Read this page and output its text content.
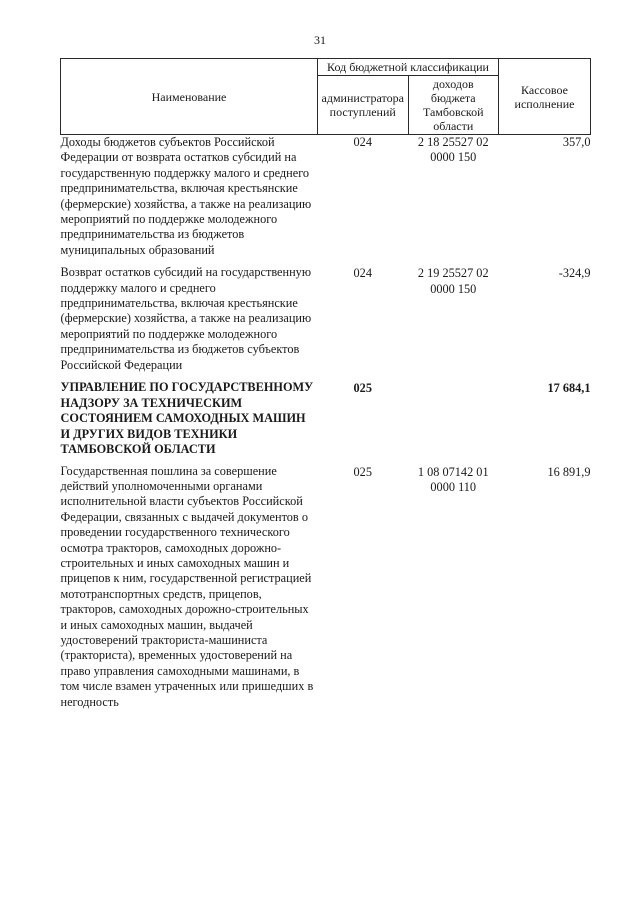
31
Наименование	Код бюджетной классификации		Кассовое исполнение
	администратора поступлений	доходов бюджета Тамбовской области	
Доходы бюджетов субъектов Российской Федерации от возврата остатков субсидий на государственную поддержку малого и среднего предпринимательства, включая крестьянские (фермерские) хозяйства, а также на реализацию мероприятий по поддержке молодежного предпринимательства из бюджетов муниципальных образований	024	2 18 25527 02 0000 150	357,0
Возврат остатков субсидий на государственную поддержку малого и среднего предпринимательства, включая крестьянские (фермерские) хозяйства, а также на реализацию мероприятий по поддержке молодежного предпринимательства из бюджетов субъектов Российской Федерации	024	2 19 25527 02 0000 150	-324,9
УПРАВЛЕНИЕ ПО ГОСУДАРСТВЕННОМУ НАДЗОРУ ЗА ТЕХНИЧЕСКИМ СОСТОЯНИЕМ САМОХОДНЫХ МАШИН И ДРУГИХ ВИДОВ ТЕХНИКИ ТАМБОВСКОЙ ОБЛАСТИ	025		17 684,1
Государственная пошлина за совершение действий уполномоченными органами исполнительной власти субъектов Российской Федерации, связанных с выдачей документов о проведении государственного технического осмотра тракторов, самоходных дорожно-строительных и иных самоходных машин и прицепов к ним, государственной регистрацией мототранспортных средств, прицепов, тракторов, самоходных дорожно-строительных и иных самоходных машин, выдачей удостоверений тракториста-машиниста (тракториста), временных удостоверений на право управления самоходными машинами, в том числе взамен утраченных или пришедших в негодность	025	1 08 07142 01 0000 110	16 891,9
